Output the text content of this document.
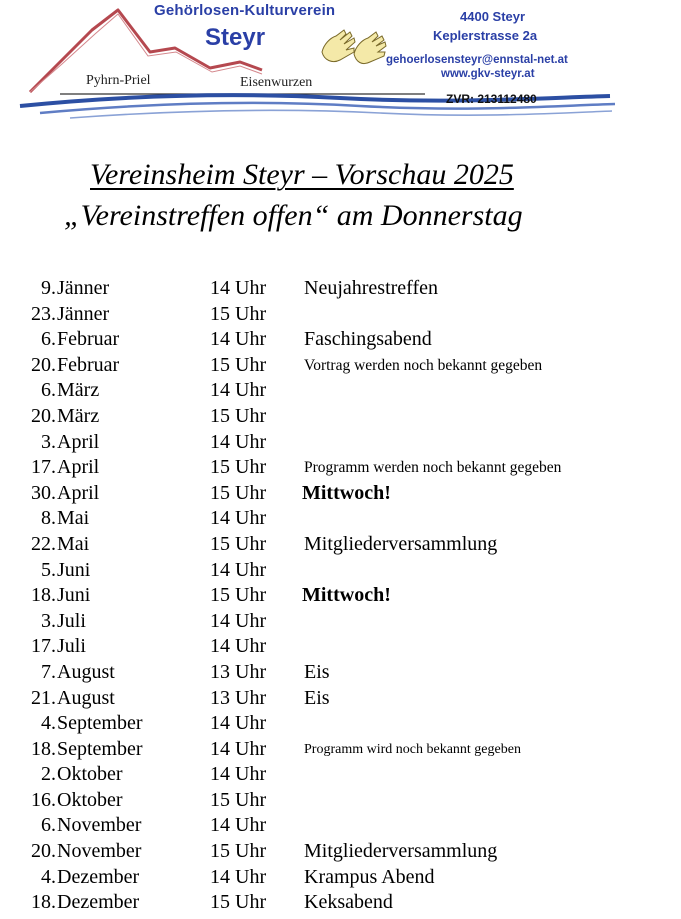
Gehörlosen-Kulturverein
Steyr
Pyhrn-Priel	Eisenwurzen
4400 Steyr
Keplerstrasse 2a
gehoerlosensteyr@ennstal-net.at
www.gkv-steyr.at
ZVR: 213112480
Vereinsheim Steyr – Vorschau 2025
„Vereinstreffen offen“ am Donnerstag
9. Jänner	14 Uhr Neujahrestreffen
23. Jänner	15 Uhr
6. Februar	14 Uhr Faschingsabend
20. Februar	15 Uhr Vortrag werden noch bekannt gegeben
6. März	14 Uhr
20. März	15 Uhr
3. April	14 Uhr
17. April	15 Uhr Programm werden noch bekannt gegeben
30. April	15 Uhr Mittwoch!
8. Mai	14 Uhr
22. Mai	15 Uhr Mitgliederversammlung
5. Juni	14 Uhr
18. Juni	15 Uhr Mittwoch!
3. Juli	14 Uhr
17. Juli	14 Uhr
7. August	13 Uhr Eis
21. August	13 Uhr Eis
4. September	14 Uhr
18. September	14 Uhr	Programm wird noch bekannt gegeben
2. Oktober	14 Uhr
16. Oktober	15 Uhr
6. November	14 Uhr
20. November	15 Uhr Mitgliederversammlung
4. Dezember	14 Uhr Krampus Abend
18. Dezember	15 Uhr Keksabend
